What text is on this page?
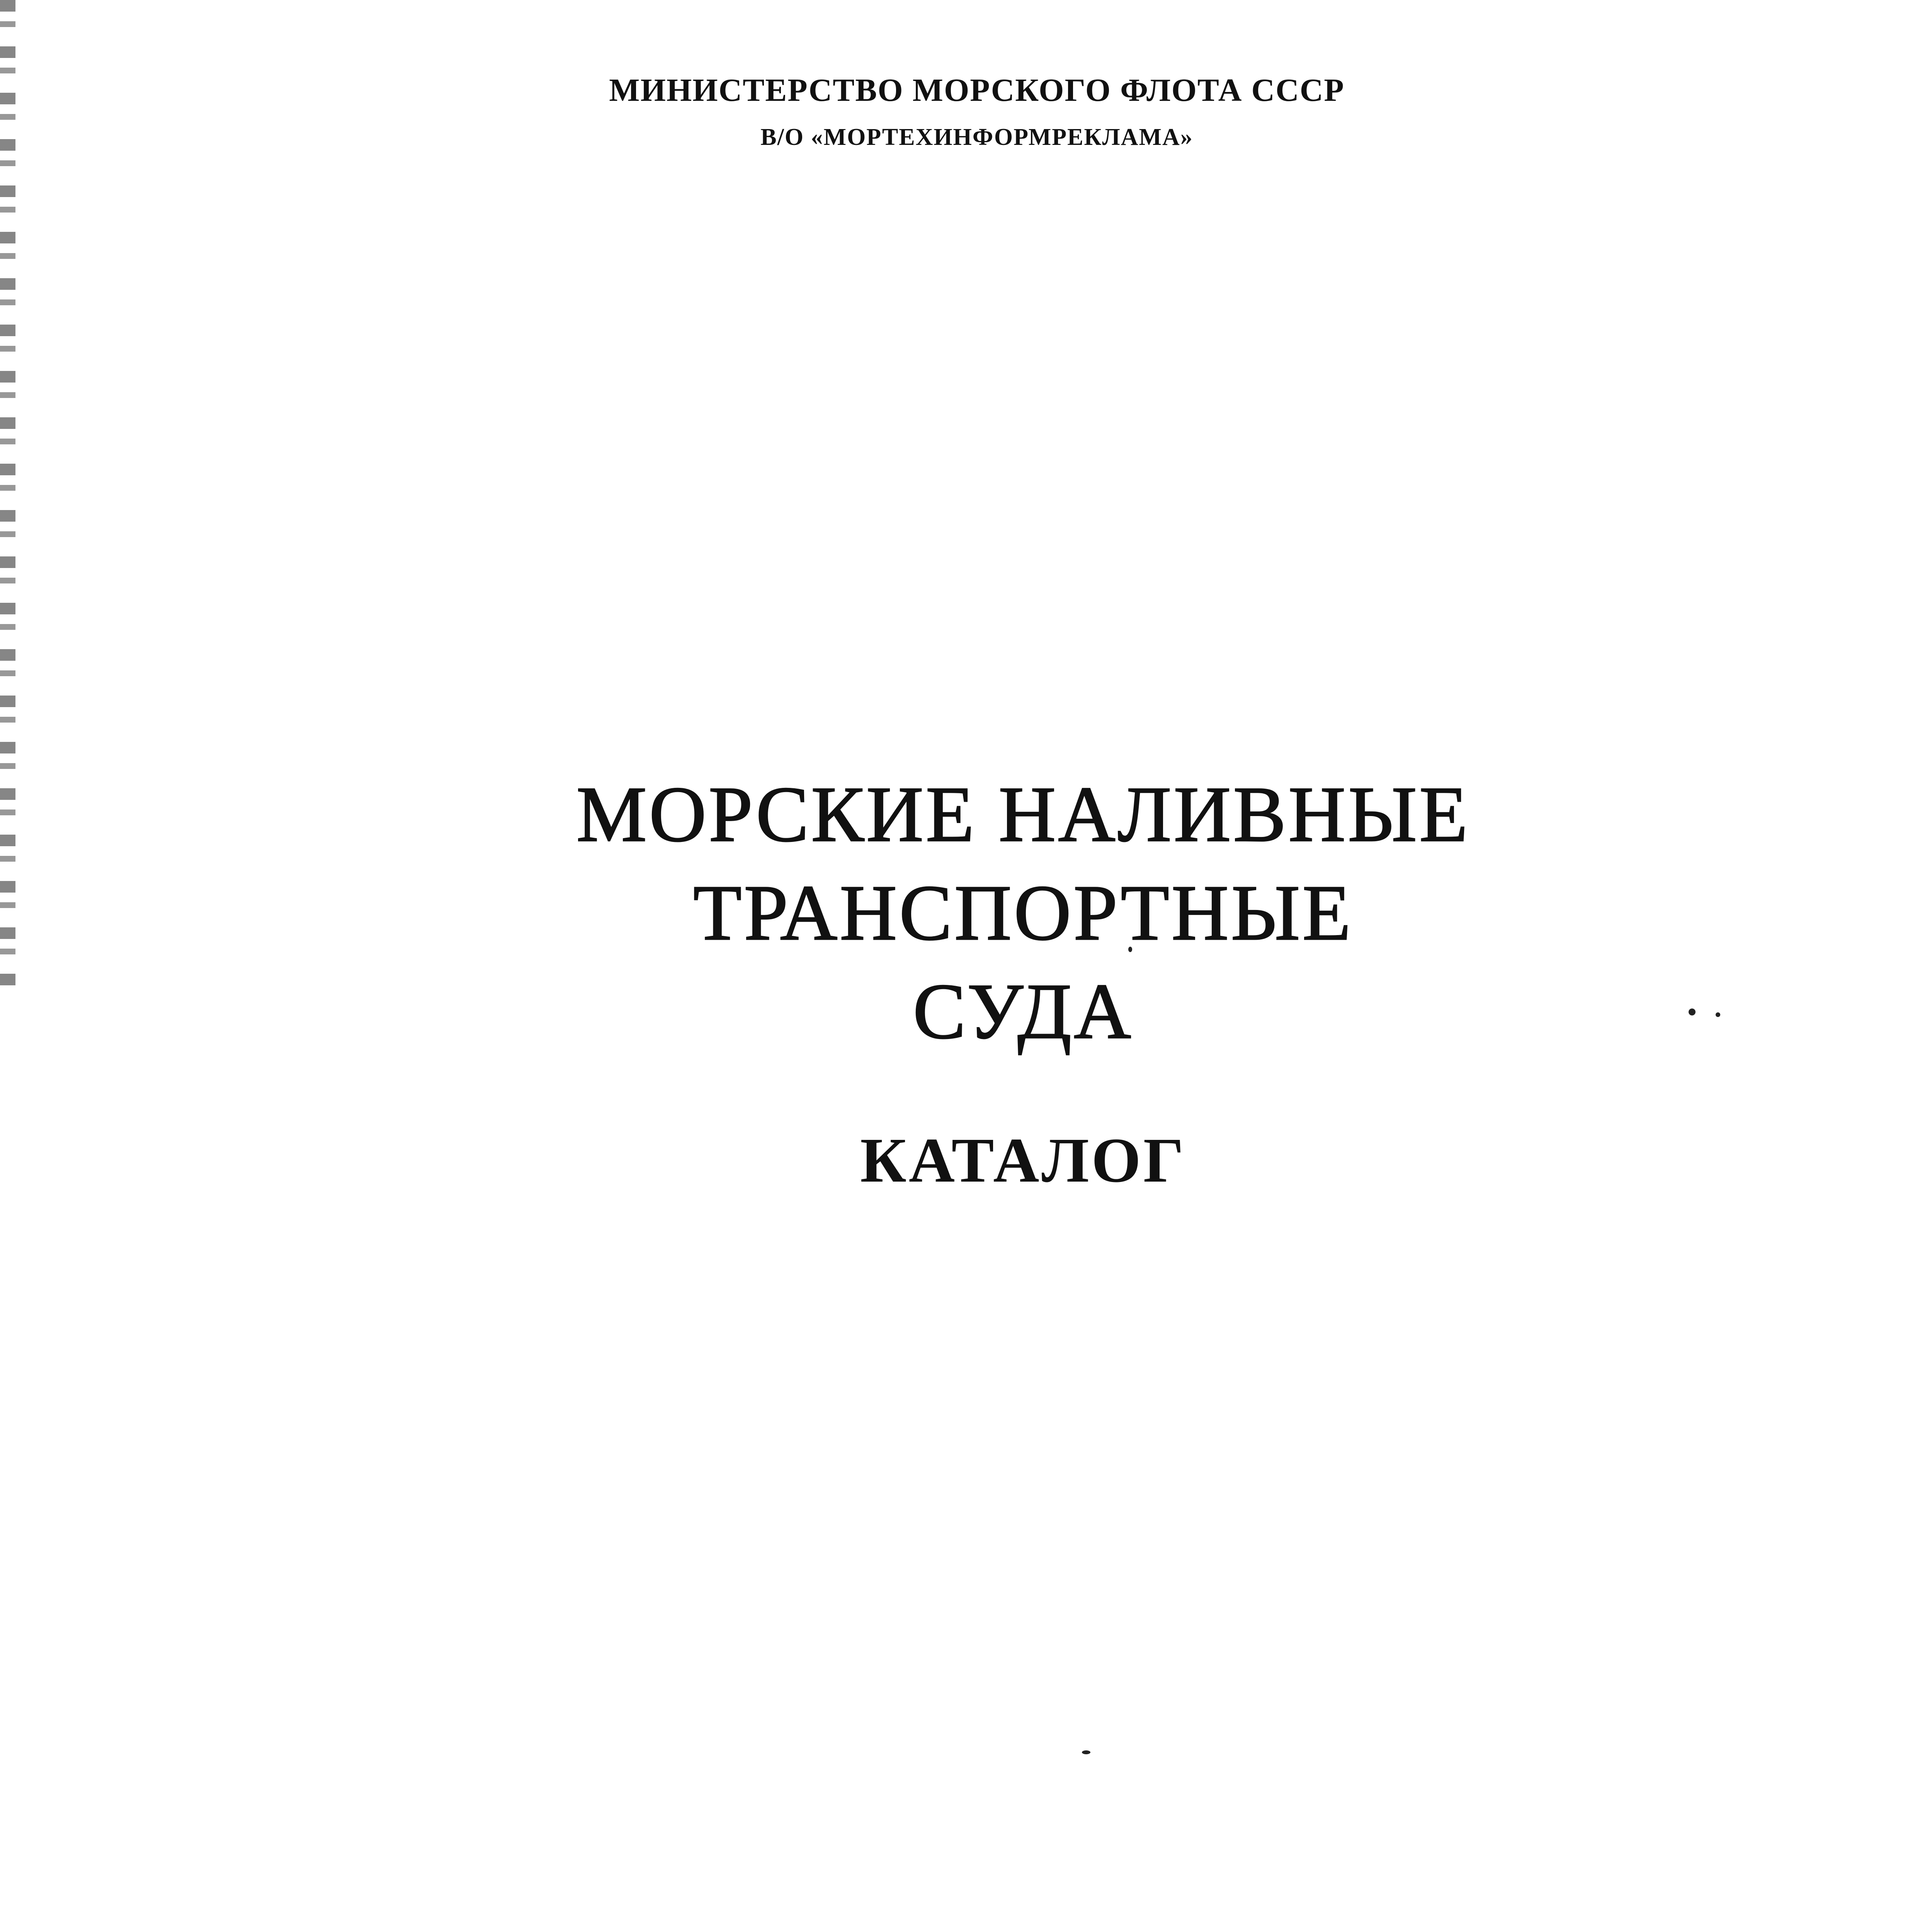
МИНИСТЕРСТВО МОРСКОГО ФЛОТА СССР
В/О «МОРТЕХИНФОРМРЕКЛАМА»
МОРСКИЕ НАЛИВНЫЕ
ТРАНСПОРТНЫЕ
СУДА
КАТАЛОГ
